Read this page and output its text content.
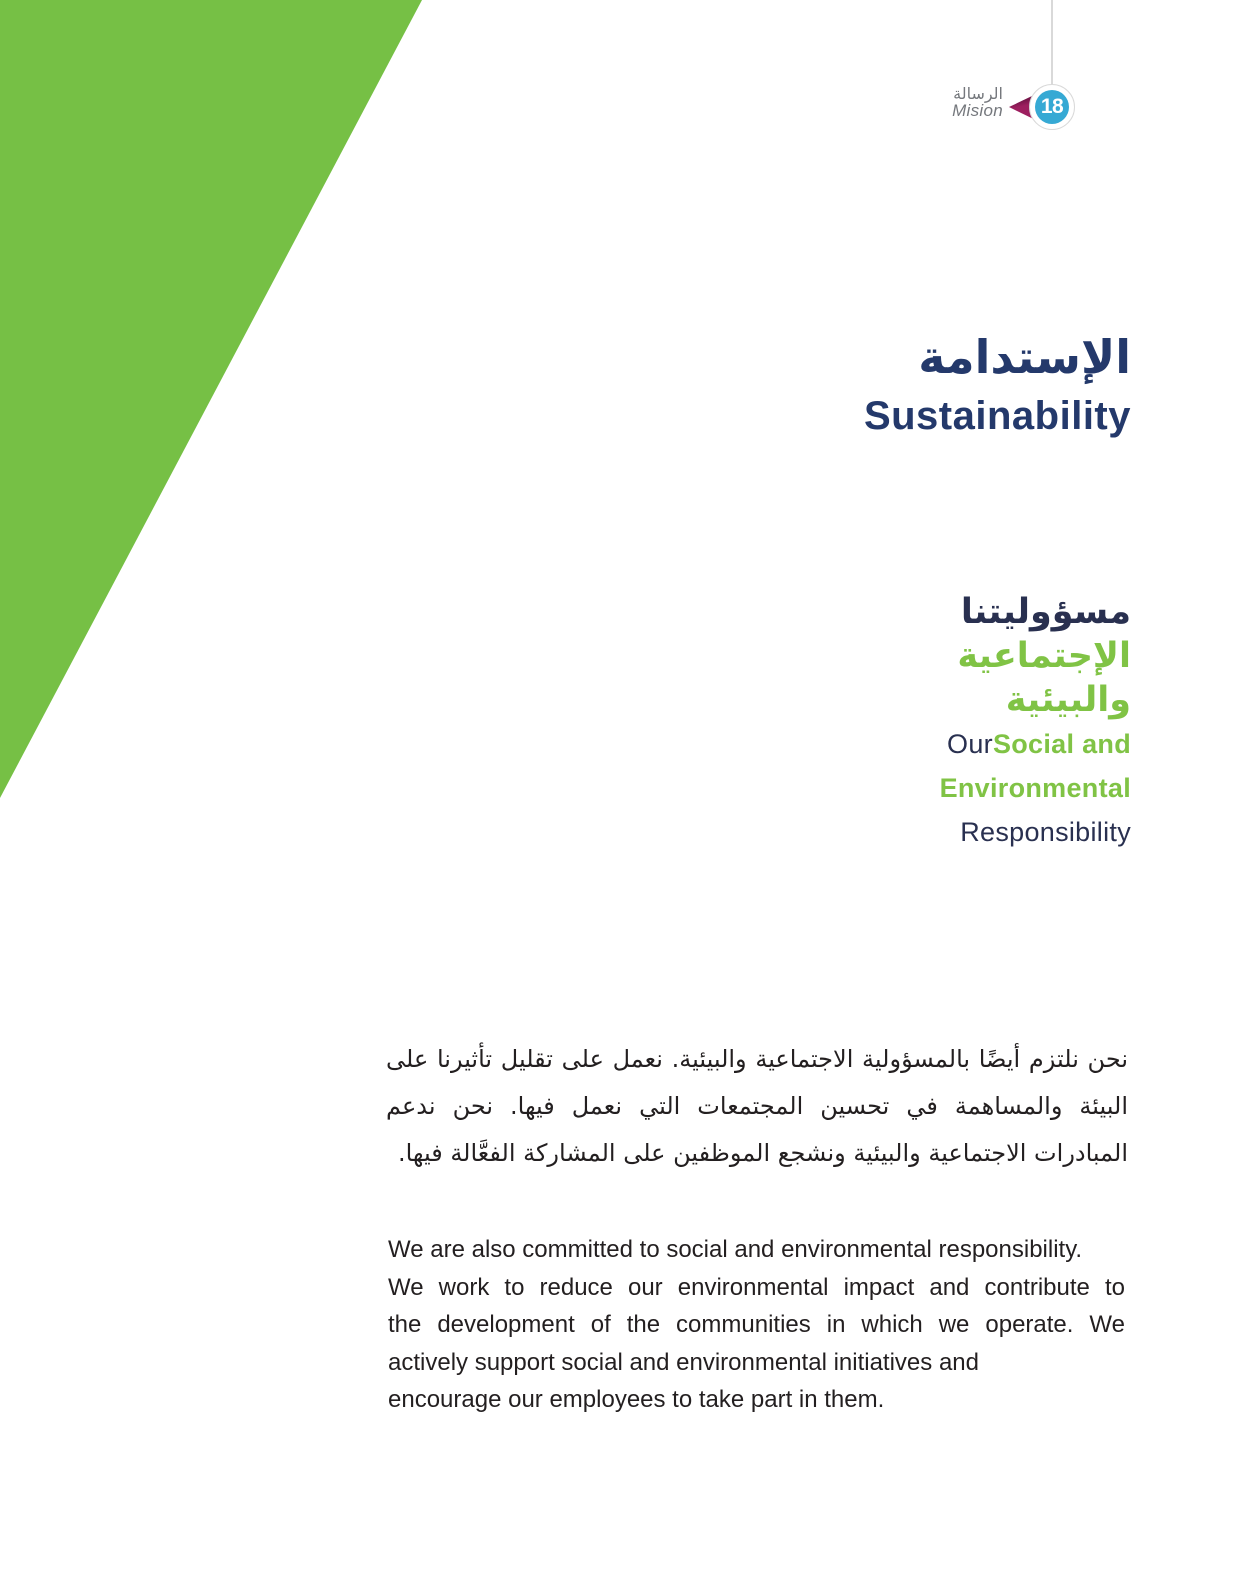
الرسالة
Mision 18
الإستدامة
Sustainability
مسؤوليتنا
الإجتماعية
والبيئية
OurSocial and
Environmental
Responsibility
نحن نلتزم أيضًا بالمسؤولية الاجتماعية والبيئية. نعمل على تقليل تأثيرنا على البيئة والمساهمة في تحسين المجتمعات التي نعمل فيها. نحن ندعم المبادرات الاجتماعية والبيئية ونشجع الموظفين على المشاركة الفعَّالة فيها.
We are also committed to social and environmental responsibility.
We work to reduce our environmental impact and contribute to
the development of the communities in which we operate. We
actively support social and environmental initiatives and
encourage our employees to take part in them.
